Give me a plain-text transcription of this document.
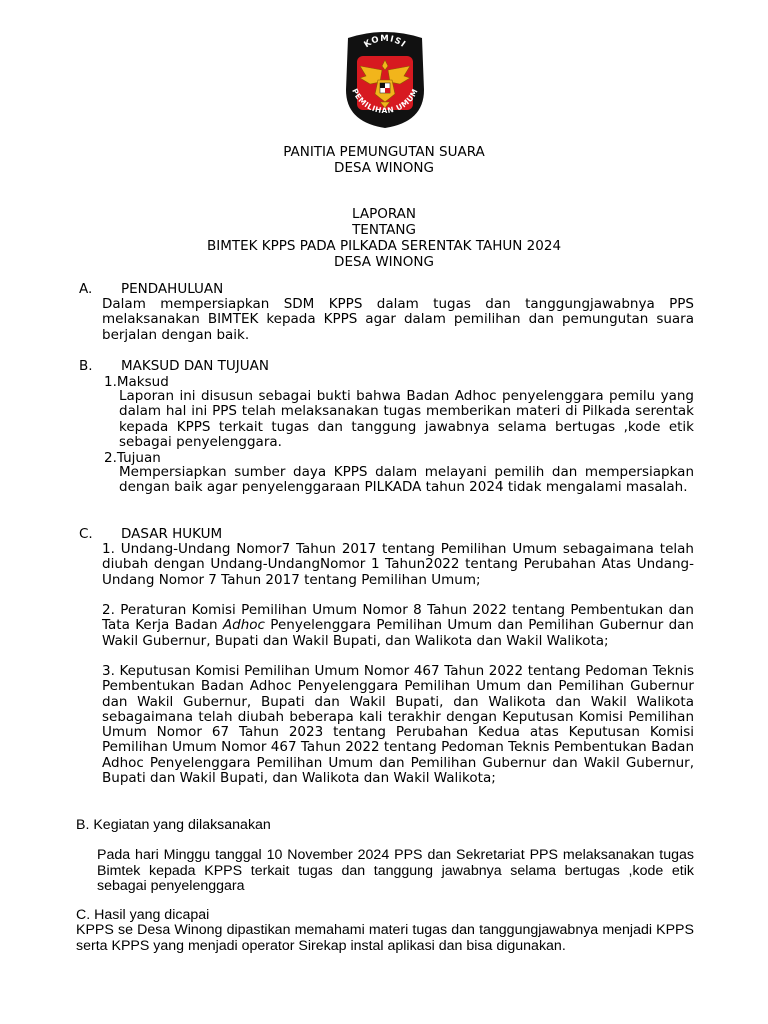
KOMISI
PEMILIHAN UMUM
PANITIA PEMUNGUTAN SUARA
DESA WINONG
LAPORAN
TENTANG
BIMTEK KPPS PADA PILKADA SERENTAK TAHUN 2024
DESA WINONG
A. PENDAHULUAN
Dalam mempersiapkan SDM KPPS dalam tugas dan tanggungjawabnya PPS melaksanakan BIMTEK kepada KPPS agar dalam pemilihan dan pemungutan suara berjalan dengan baik.
B. MAKSUD DAN TUJUAN
1.Maksud
Laporan ini disusun sebagai bukti bahwa Badan Adhoc penyelenggara pemilu yang dalam hal ini PPS telah melaksanakan tugas memberikan materi di Pilkada serentak kepada KPPS terkait tugas dan tanggung jawabnya selama bertugas ,kode etik sebagai penyelenggara.
2.Tujuan
Mempersiapkan sumber daya KPPS dalam melayani pemilih dan mempersiapkan dengan baik agar penyelenggaraan PILKADA tahun 2024 tidak mengalami masalah.
C. DASAR HUKUM
1. Undang-Undang Nomor7 Tahun 2017 tentang Pemilihan Umum sebagaimana telah diubah dengan Undang-UndangNomor 1 Tahun2022 tentang Perubahan Atas Undang-Undang Nomor 7 Tahun 2017 tentang Pemilihan Umum;
2. Peraturan Komisi Pemilihan Umum Nomor 8 Tahun 2022 tentang Pembentukan dan Tata Kerja Badan Adhoc Penyelenggara Pemilihan Umum dan Pemilihan Gubernur dan Wakil Gubernur, Bupati dan Wakil Bupati, dan Walikota dan Wakil Walikota;
3. Keputusan Komisi Pemilihan Umum Nomor 467 Tahun 2022 tentang Pedoman Teknis Pembentukan Badan Adhoc Penyelenggara Pemilihan Umum dan Pemilihan Gubernur dan Wakil Gubernur, Bupati dan Wakil Bupati, dan Walikota dan Wakil Walikota sebagaimana telah diubah beberapa kali terakhir dengan Keputusan Komisi Pemilihan Umum Nomor 67 Tahun 2023 tentang Perubahan Kedua atas Keputusan Komisi Pemilihan Umum Nomor 467 Tahun 2022 tentang Pedoman Teknis Pembentukan Badan Adhoc Penyelenggara Pemilihan Umum dan Pemilihan Gubernur dan Wakil Gubernur, Bupati dan Wakil Bupati, dan Walikota dan Wakil Walikota;
B. Kegiatan yang dilaksanakan
Pada hari Minggu tanggal 10 November 2024 PPS dan Sekretariat PPS melaksanakan tugas Bimtek kepada KPPS terkait tugas dan tanggung jawabnya selama bertugas ,kode etik sebagai penyelenggara
C. Hasil yang dicapai
KPPS se Desa Winong dipastikan memahami materi tugas dan tanggungjawabnya menjadi KPPS serta KPPS yang menjadi operator Sirekap instal aplikasi dan bisa digunakan.
